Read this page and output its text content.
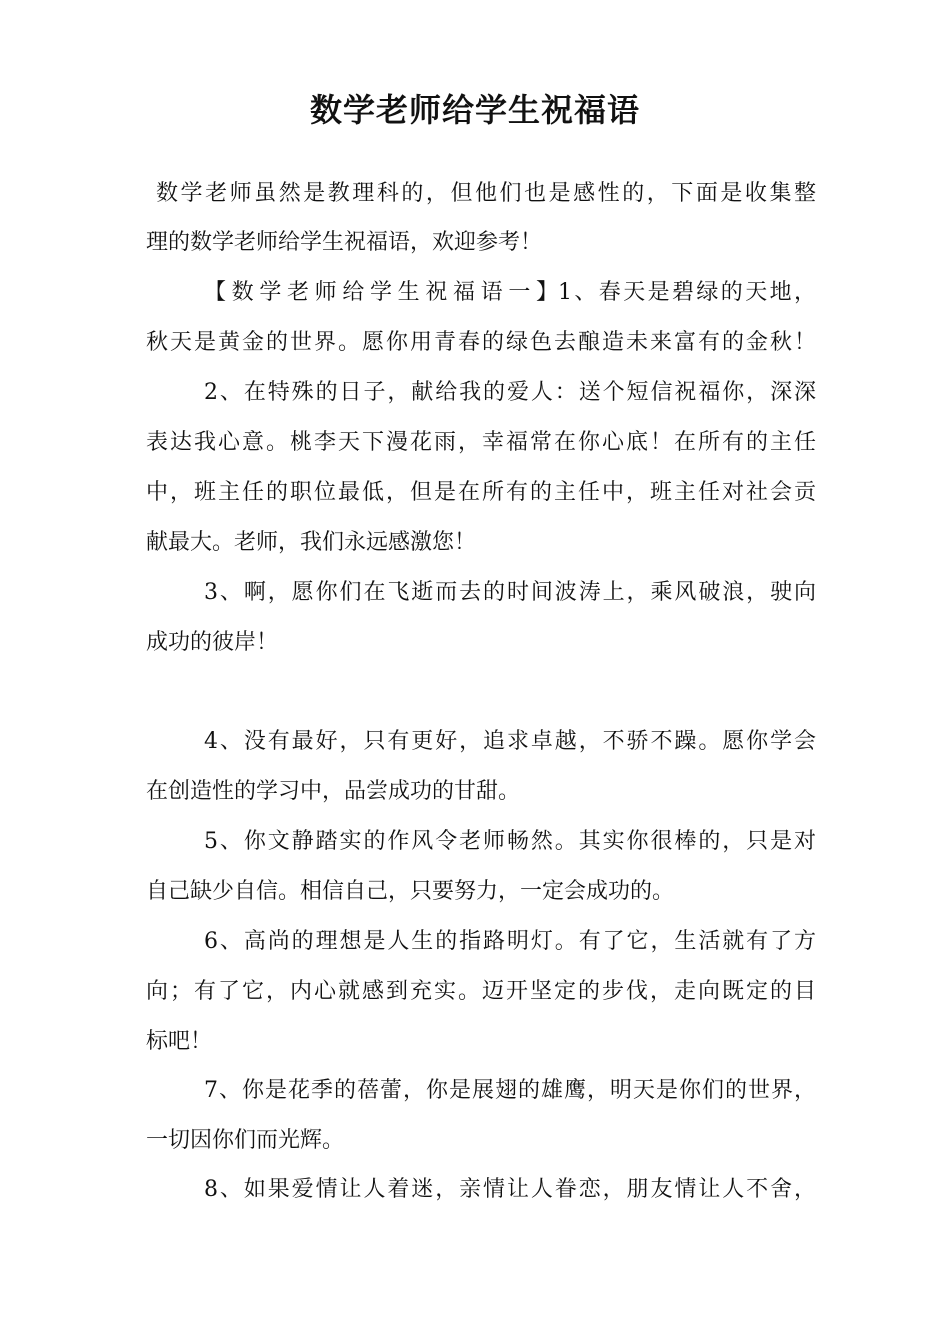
数学老师给学生祝福语
数学老师虽然是教理科的，但他们也是感性的，下面是收集整
理的数学老师给学生祝福语，欢迎参考！
【数学老师给学生祝福语一】1、春天是碧绿的天地，
秋天是黄金的世界。愿你用青春的绿色去酿造未来富有的金秋！
2、在特殊的日子，献给我的爱人：送个短信祝福你，深深
表达我心意。桃李天下漫花雨，幸福常在你心底！在所有的主任
中，班主任的职位最低，但是在所有的主任中，班主任对社会贡
献最大。老师，我们永远感激您！
3、啊，愿你们在飞逝而去的时间波涛上，乘风破浪，驶向
成功的彼岸！
4、没有最好，只有更好，追求卓越，不骄不躁。愿你学会
在创造性的学习中，品尝成功的甘甜。
5、你文静踏实的作风令老师畅然。其实你很棒的，只是对
自己缺少自信。相信自己，只要努力，一定会成功的。
6、高尚的理想是人生的指路明灯。有了它，生活就有了方
向；有了它，内心就感到充实。迈开坚定的步伐，走向既定的目
标吧！
7、你是花季的蓓蕾，你是展翅的雄鹰，明天是你们的世界，
一切因你们而光辉。
8、如果爱情让人着迷，亲情让人眷恋，朋友情让人不舍，
